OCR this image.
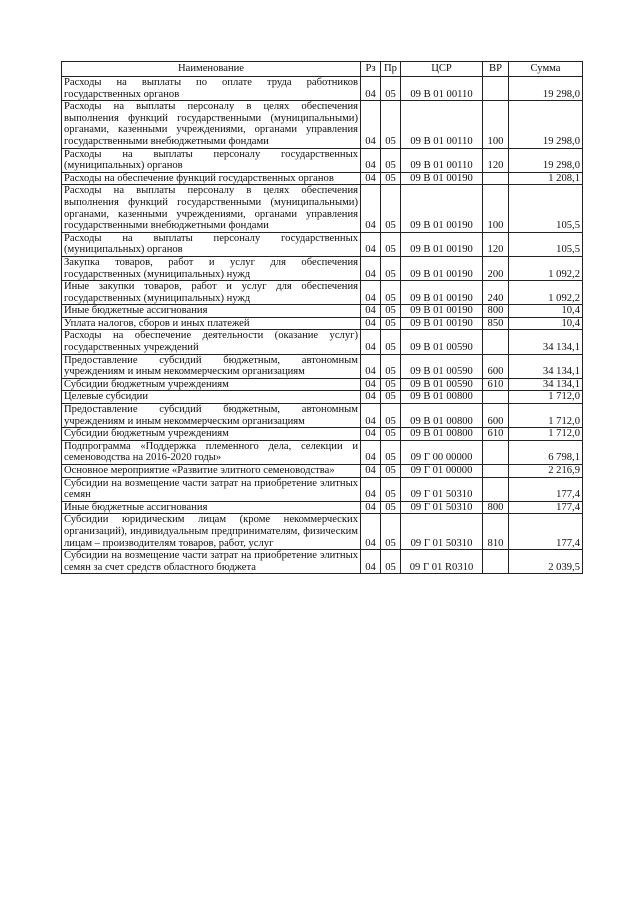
Наименование	Рз	Пр	ЦСР	ВР	Сумма
Расходы на выплаты по оплате труда работников государственных органов	04	05	09 В 01 00110		19 298,0
Расходы на выплаты персоналу в целях обеспечения выполнения функций государственными (муниципальными) органами, казенными учреждениями, органами управления государственными внебюджетными фондами	04	05	09 В 01 00110	100	19 298,0
Расходы на выплаты персоналу государственных (муниципальных) органов	04	05	09 В 01 00110	120	19 298,0
Расходы на обеспечение функций государственных органов	04	05	09 В 01 00190		1 208,1
Расходы на выплаты персоналу в целях обеспечения выполнения функций государственными (муниципальными) органами, казенными учреждениями, органами управления государственными внебюджетными фондами	04	05	09 В 01 00190	100	105,5
Расходы на выплаты персоналу государственных (муниципальных) органов	04	05	09 В 01 00190	120	105,5
Закупка товаров, работ и услуг для обеспечения государственных (муниципальных) нужд	04	05	09 В 01 00190	200	1 092,2
Иные закупки товаров, работ и услуг для обеспечения государственных (муниципальных) нужд	04	05	09 В 01 00190	240	1 092,2
Иные бюджетные ассигнования	04	05	09 В 01 00190	800	10,4
Уплата налогов, сборов и иных платежей	04	05	09 В 01 00190	850	10,4
Расходы на обеспечение деятельности (оказание услуг) государственных учреждений	04	05	09 В 01 00590		34 134,1
Предоставление субсидий бюджетным, автономным учреждениям и иным некоммерческим организациям	04	05	09 В 01 00590	600	34 134,1
Субсидии бюджетным учреждениям	04	05	09 В 01 00590	610	34 134,1
Целевые субсидии	04	05	09 В 01 00800		1 712,0
Предоставление субсидий бюджетным, автономным учреждениям и иным некоммерческим организациям	04	05	09 В 01 00800	600	1 712,0
Субсидии бюджетным учреждениям	04	05	09 В 01 00800	610	1 712,0
Подпрограмма «Поддержка племенного дела, селекции и семеноводства на 2016-2020 годы»	04	05	09 Г 00 00000		6 798,1
Основное мероприятие «Развитие элитного семеноводства»	04	05	09 Г 01 00000		2 216,9
Субсидии на возмещение части затрат на приобретение элитных семян	04	05	09 Г 01 50310		177,4
Иные бюджетные ассигнования	04	05	09 Г 01 50310	800	177,4
Субсидии юридическим лицам (кроме некоммерческих организаций), индивидуальным предпринимателям, физическим лицам – производителям товаров, работ, услуг	04	05	09 Г 01 50310	810	177,4
Субсидии на возмещение части затрат на приобретение элитных семян за счет средств областного бюджета	04	05	09 Г 01 R0310		2 039,5
